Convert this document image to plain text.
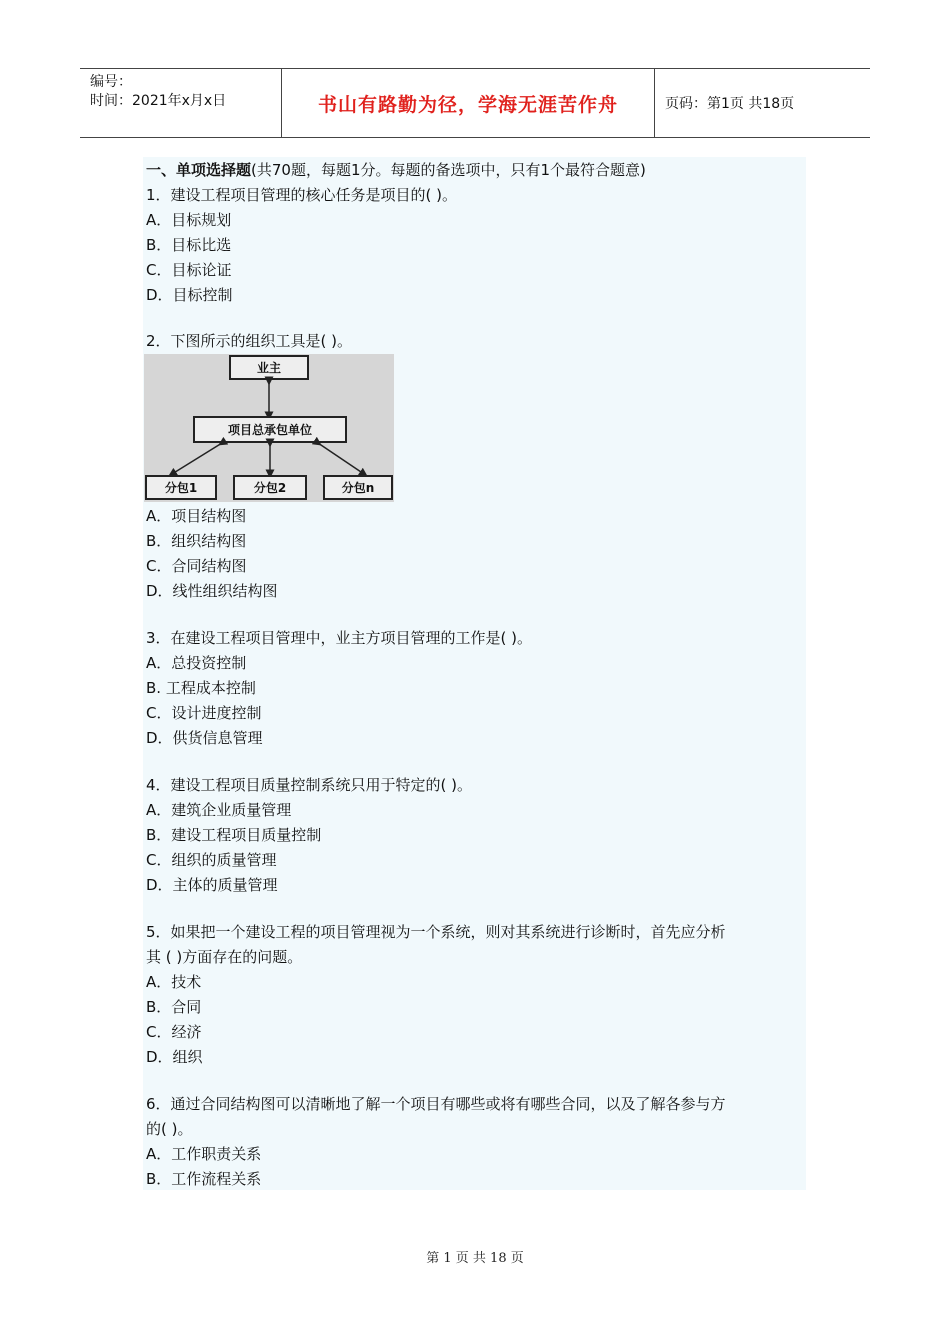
编号：
时间：2021年x月x日	书山有路勤为径，学海无涯苦作舟	页码：第1页 共18页
一、单项选择题(共70题，每题1分。每题的备选项中，只有1个最符合题意)
1．建设工程项目管理的核心任务是项目的( )。
A．目标规划
B．目标比选
C．目标论证
D．目标控制
2．下图所示的组织工具是( )。
业主
项目总承包单位
分包1	分包2	分包n
A．项目结构图
B．组织结构图
C．合同结构图
D．线性组织结构图
3．在建设工程项目管理中，业主方项目管理的工作是( )。
A．总投资控制
B. 工程成本控制
C．设计进度控制
D．供货信息管理
4．建设工程项目质量控制系统只用于特定的( )。
A．建筑企业质量管理
B．建设工程项目质量控制
C．组织的质量管理
D．主体的质量管理
5．如果把一个建设工程的项目管理视为一个系统，则对其系统进行诊断时，首先应分析
其 ( )方面存在的问题。
A．技术
B．合同
C．经济
D．组织
6．通过合同结构图可以清晰地了解一个项目有哪些或将有哪些合同，以及了解各参与方
的( )。
A．工作职责关系
B．工作流程关系
第 1 页 共 18 页
